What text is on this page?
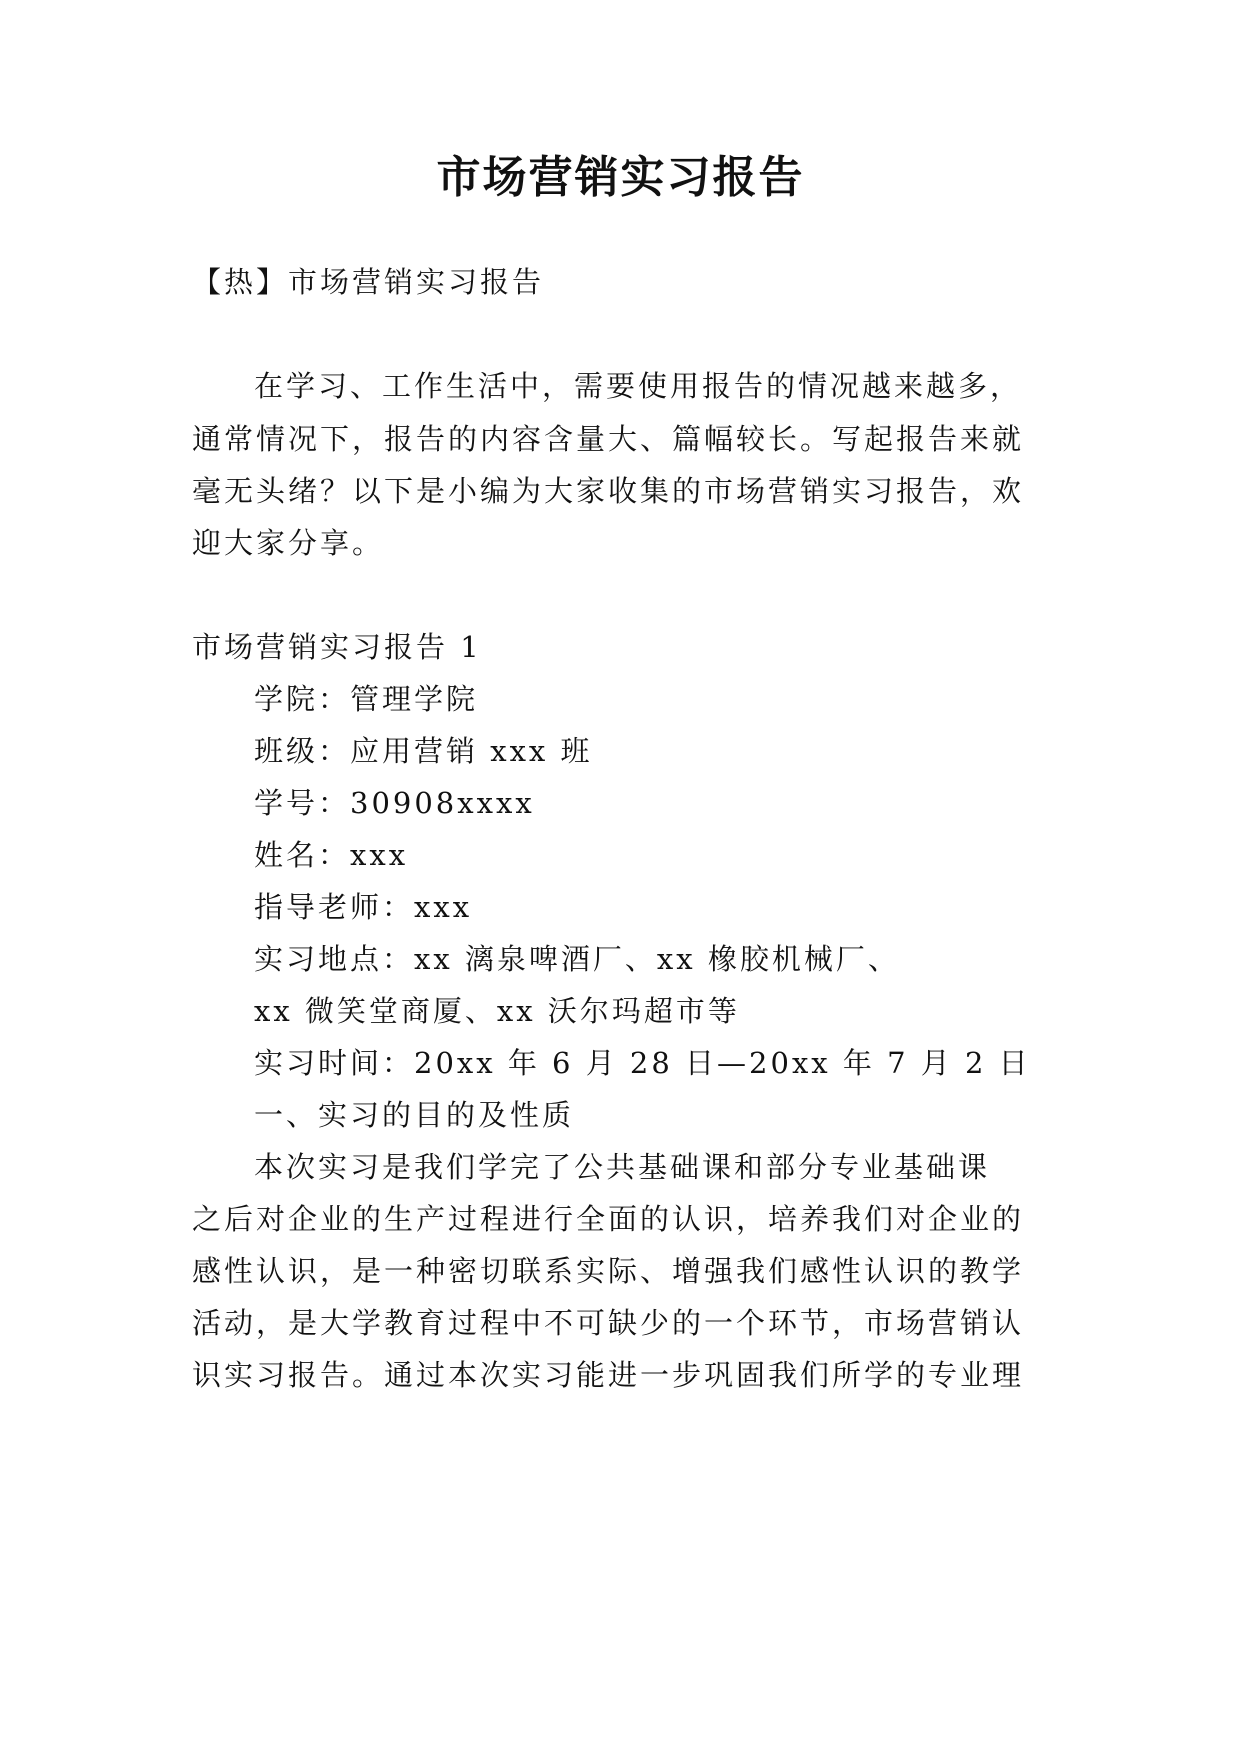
市场营销实习报告
【热】市场营销实习报告
在学习、工作生活中，需要使用报告的情况越来越多，
通常情况下，报告的内容含量大、篇幅较长。写起报告来就
毫无头绪？以下是小编为大家收集的市场营销实习报告，欢
迎大家分享。
市场营销实习报告 1
学院：管理学院
班级：应用营销 xxx 班
学号：30908xxxx
姓名：xxx
指导老师：xxx
实习地点：xx 漓泉啤酒厂、xx 橡胶机械厂、
xx 微笑堂商厦、xx 沃尔玛超市等
实习时间：20xx 年 6 月 28 日—20xx 年 7 月 2 日
一、实习的目的及性质
本次实习是我们学完了公共基础课和部分专业基础课
之后对企业的生产过程进行全面的认识，培养我们对企业的
感性认识，是一种密切联系实际、增强我们感性认识的教学
活动，是大学教育过程中不可缺少的一个环节，市场营销认
识实习报告。通过本次实习能进一步巩固我们所学的专业理
